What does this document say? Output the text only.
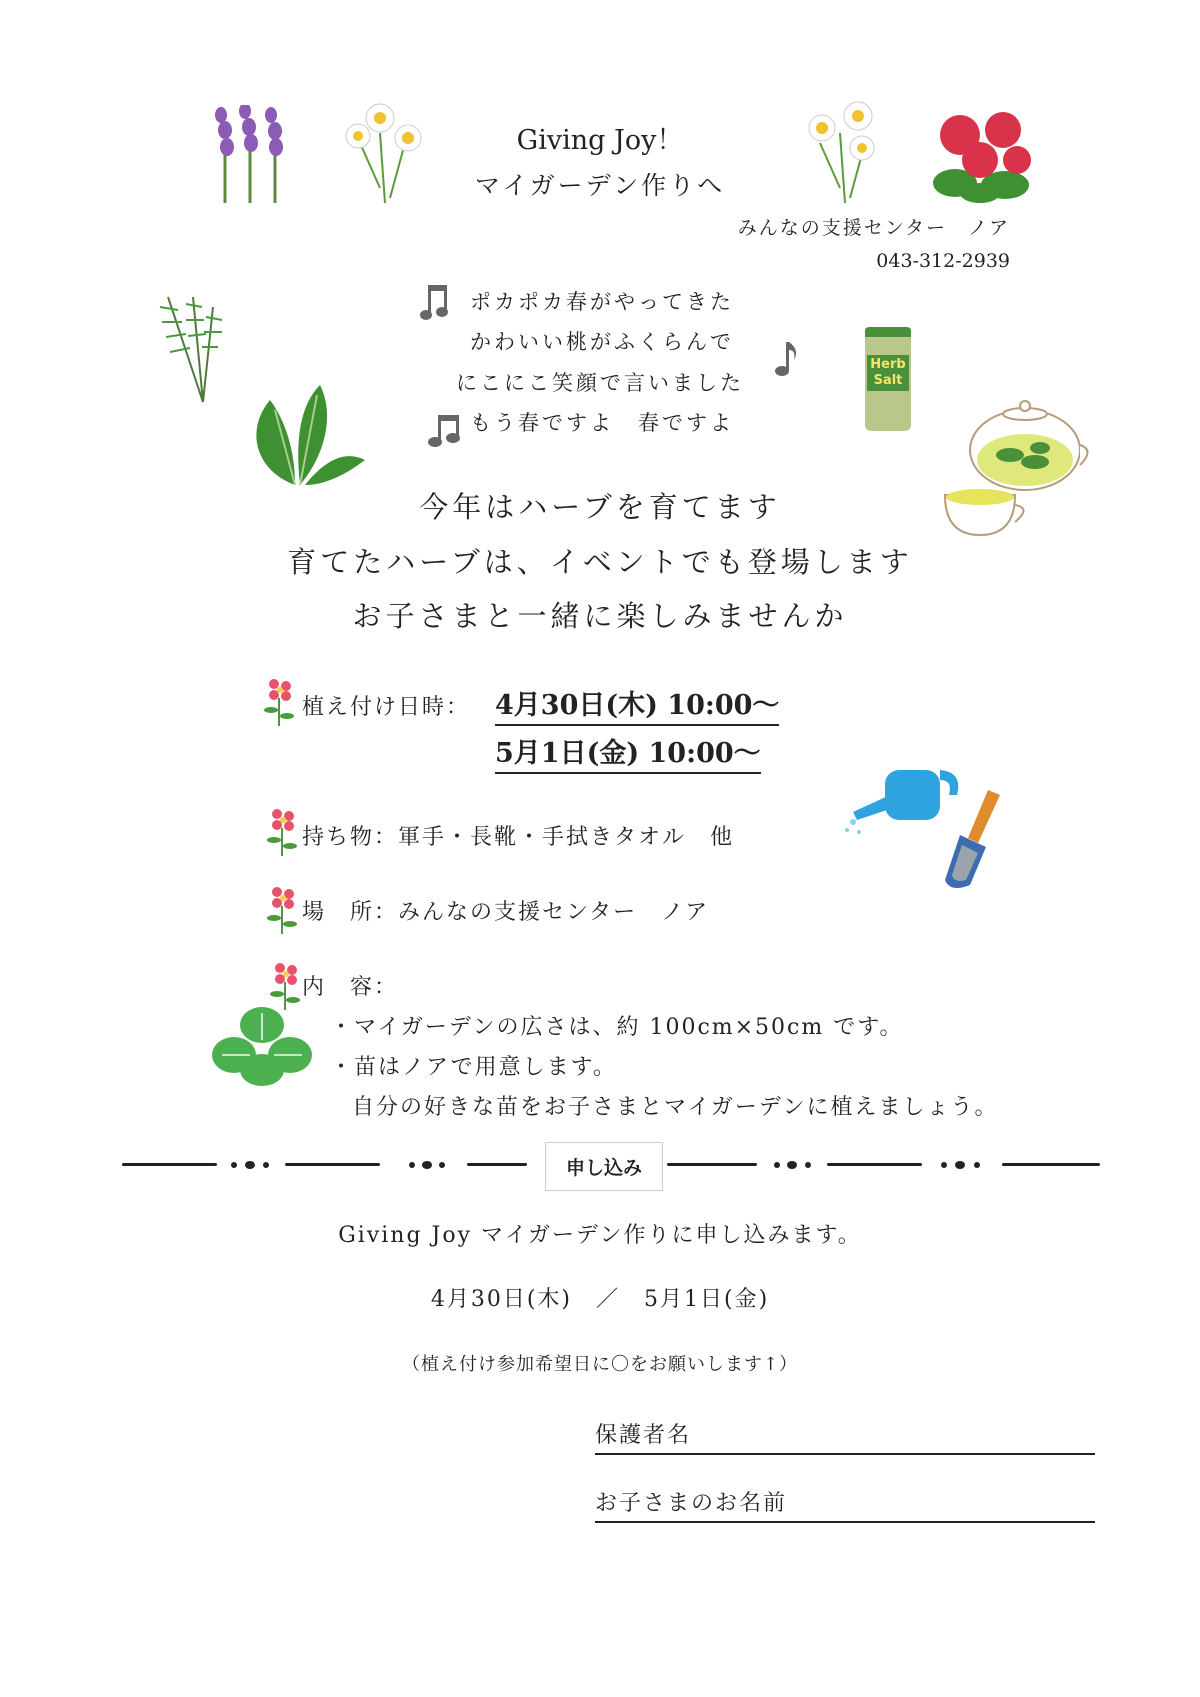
Herb
Salt
Giving Joy！
マイガーデン作りへ
みんなの支援センター　ノア
043-312-2939
ポカポカ春がやってきた
かわいい桃がふくらんで
にこにこ笑顔で言いました
もう春ですよ　春ですよ
今年はハーブを育てます
育てたハーブは、イベントでも登場します
お子さまと一緒に楽しみませんか
植え付け日時： 4月30日(木) 10:00〜
5月1日(金) 10:00〜
持ち物：軍手・長靴・手拭きタオル　他
場　所：みんなの支援センター　ノア
内　容：
・マイガーデンの広さは、約 100cm×50cm です。
・苗はノアで用意します。
自分の好きな苗をお子さまとマイガーデンに植えましょう。
申し込み
Giving Joy マイガーデン作りに申し込みます。
4月30日(木)　／　5月1日(金)
（植え付け参加希望日に〇をお願いします↑）
保護者名
お子さまのお名前
